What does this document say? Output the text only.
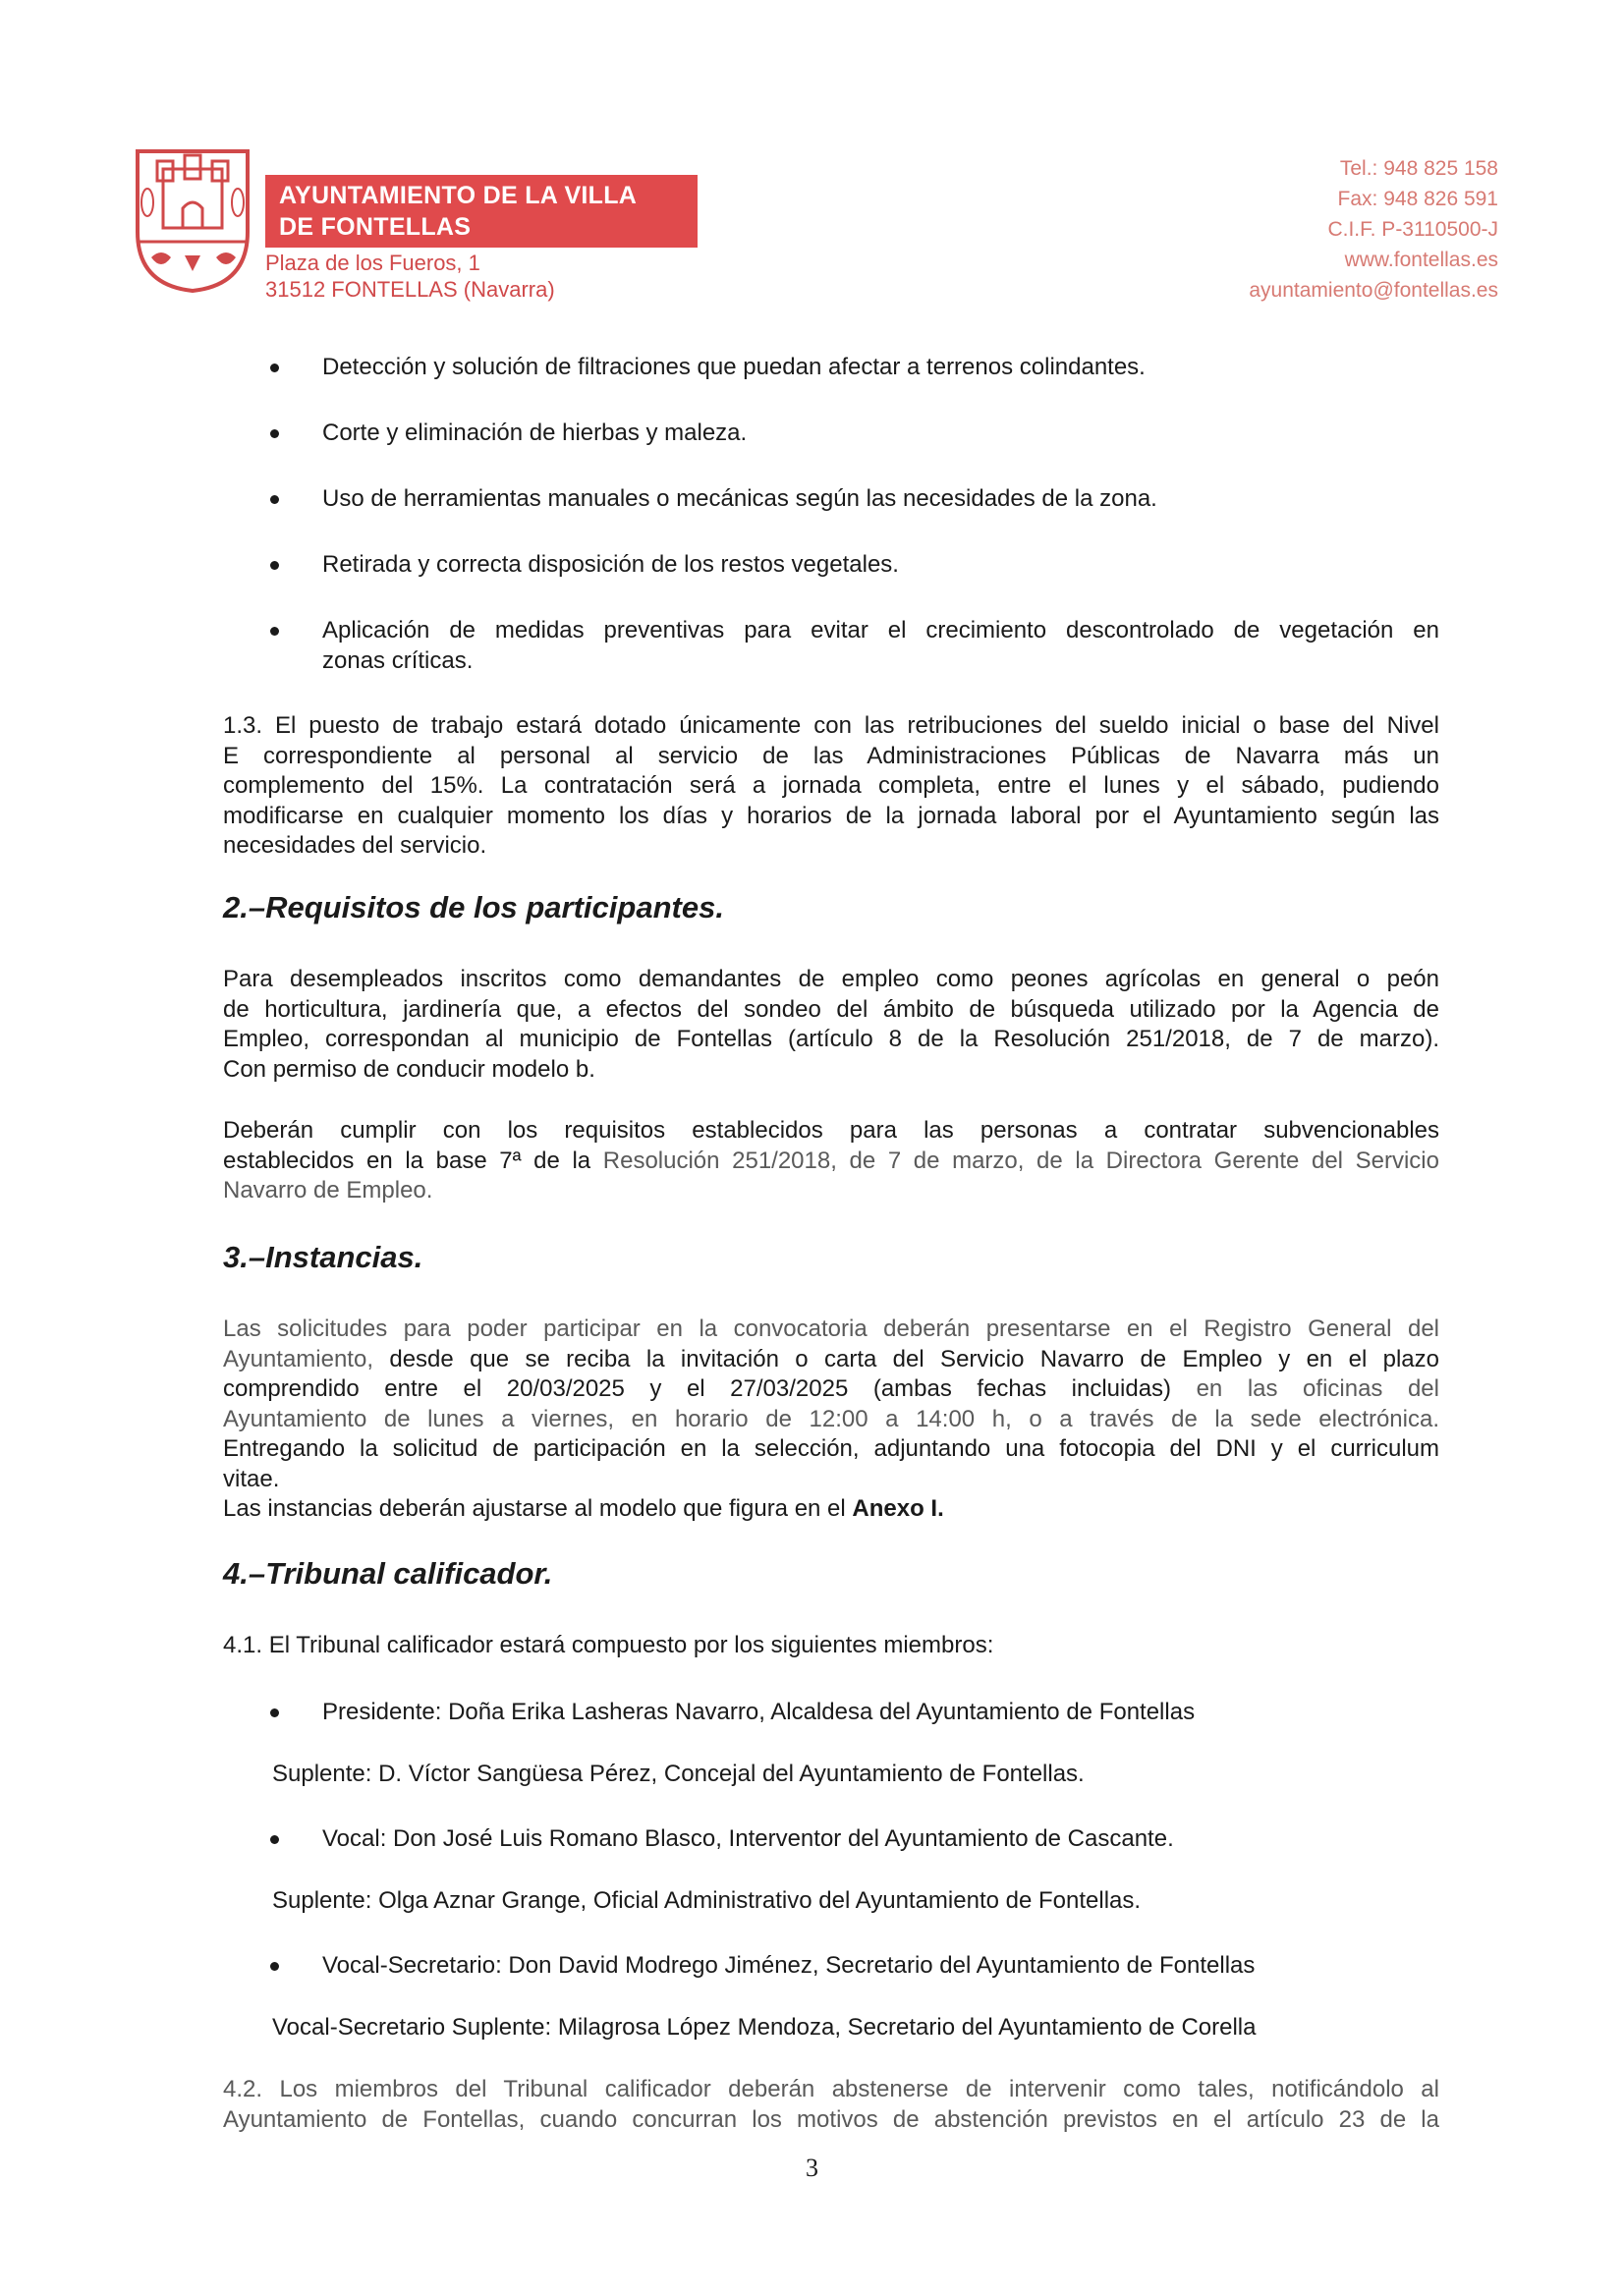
AYUNTAMIENTO DE LA VILLA
DE FONTELLAS
Plaza de los Fueros, 1
31512 FONTELLAS (Navarra)
Tel.: 948 825 158
Fax: 948 826 591
C.I.F. P-3110500-J
www.fontellas.es
ayuntamiento@fontellas.es
Detección y solución de filtraciones que puedan afectar a terrenos colindantes.
Corte y eliminación de hierbas y maleza.
Uso de herramientas manuales o mecánicas según las necesidades de la zona.
Retirada y correcta disposición de los restos vegetales.
Aplicación de medidas preventivas para evitar el crecimiento descontrolado de vegetación en
zonas críticas.
1.3. El puesto de trabajo estará dotado únicamente con las retribuciones del sueldo inicial o base del Nivel
E correspondiente al personal al servicio de las Administraciones Públicas de Navarra más un
complemento del 15%. La contratación será a jornada completa, entre el lunes y el sábado, pudiendo
modificarse en cualquier momento los días y horarios de la jornada laboral por el Ayuntamiento según las
necesidades del servicio.
2.–Requisitos de los participantes.
Para desempleados inscritos como demandantes de empleo como peones agrícolas en general o peón
de horticultura, jardinería que, a efectos del sondeo del ámbito de búsqueda utilizado por la Agencia de
Empleo, correspondan al municipio de Fontellas (artículo 8 de la Resolución 251/2018, de 7 de marzo).
Con permiso de conducir modelo b.
Deberán cumplir con los requisitos establecidos para las personas a contratar subvencionables
establecidos en la base 7ª de la Resolución 251/2018, de 7 de marzo, de la Directora Gerente del Servicio
Navarro de Empleo.
3.–Instancias.
Las solicitudes para poder participar en la convocatoria deberán presentarse en el Registro General del
Ayuntamiento, desde que se reciba la invitación o carta del Servicio Navarro de Empleo y en el plazo
comprendido entre el 20/03/2025 y el 27/03/2025 (ambas fechas incluidas) en las oficinas del
Ayuntamiento de lunes a viernes, en horario de 12:00 a 14:00 h, o a través de la sede electrónica.
Entregando la solicitud de participación en la selección, adjuntando una fotocopia del DNI y el curriculum
vitae.
Las instancias deberán ajustarse al modelo que figura en el Anexo I.
4.–Tribunal calificador.
4.1. El Tribunal calificador estará compuesto por los siguientes miembros:
Presidente: Doña Erika Lasheras Navarro, Alcaldesa del Ayuntamiento de Fontellas
Suplente: D. Víctor Sangüesa Pérez, Concejal del Ayuntamiento de Fontellas.
Vocal: Don José Luis Romano Blasco, Interventor del Ayuntamiento de Cascante.
Suplente: Olga Aznar Grange, Oficial Administrativo del Ayuntamiento de Fontellas.
Vocal-Secretario: Don David Modrego Jiménez, Secretario del Ayuntamiento de Fontellas
Vocal-Secretario Suplente: Milagrosa López Mendoza, Secretario del Ayuntamiento de Corella
4.2. Los miembros del Tribunal calificador deberán abstenerse de intervenir como tales, notificándolo al
Ayuntamiento de Fontellas, cuando concurran los motivos de abstención previstos en el artículo 23 de la
3
